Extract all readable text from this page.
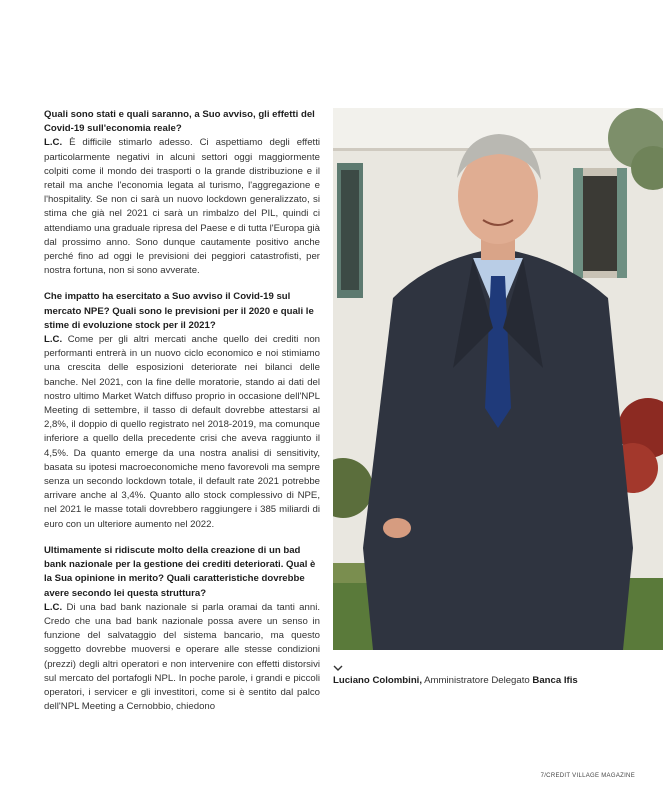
Quali sono stati e quali saranno, a Suo avviso, gli effetti del Covid-19 sull'economia reale?

L.C. È difficile stimarlo adesso. Ci aspettiamo degli effetti particolarmente negativi in alcuni settori oggi maggiormente colpiti come il mondo dei trasporti o la grande distribuzione e il retail ma anche l'economia legata al turismo, l'aggregazione e l'hospitality. Se non ci sarà un nuovo lockdown generalizzato, si stima che già nel 2021 ci sarà un rimbalzo del PIL, quindi ci attendiamo una graduale ripresa del Paese e di tutta l'Europa già dal prossimo anno. Sono dunque cautamente positivo anche perché fino ad oggi le previsioni dei peggiori catastrofisti, per nostra fortuna, non si sono avverate.

Che impatto ha esercitato a Suo avviso il Covid-19 sul mercato NPE? Quali sono le previsioni per il 2020 e quali le stime di evoluzione stock per il 2021?

L.C. Come per gli altri mercati anche quello dei crediti non performanti entrerà in un nuovo ciclo economico e noi stimiamo una crescita delle esposizioni deteriorate nei bilanci delle banche. Nel 2021, con la fine delle moratorie, stando ai dati del nostro ultimo Market Watch diffuso proprio in occasione dell'NPL Meeting di settembre, il tasso di default dovrebbe attestarsi al 2,8%, il doppio di quello registrato nel 2018-2019, ma comunque inferiore a quello della precedente crisi che aveva raggiunto il 4,5%. Da quanto emerge da una nostra analisi di sensitivity, basata su ipotesi macroeconomiche meno favorevoli ma sempre senza un secondo lockdown totale, il default rate 2021 potrebbe arrivare anche al 3,4%. Quanto allo stock complessivo di NPE, nel 2021 le masse totali dovrebbero raggiungere i 385 miliardi di euro con un ulteriore aumento nel 2022.

Ultimamente si ridiscute molto della creazione di un bad bank nazionale per la gestione dei crediti deteriorati. Qual è la Sua opinione in merito? Quali caratteristiche dovrebbe avere secondo lei questa struttura?

L.C. Di una bad bank nazionale si parla oramai da tanti anni. Credo che una bad bank nazionale possa avere un senso in funzione del salvataggio del sistema bancario, ma questo soggetto dovrebbe muoversi e operare alle stesse condizioni (prezzi) degli altri operatori e non intervenire con effetti distorsivi sul mercato del portafogli NPL. In poche parole, i grandi e piccoli operatori, i servicer e gli investitori, come si è sentito dal palco dell'NPL Meeting a Cernobbio, chiedono

Luciano Colombini, Amministratore Delegato Banca Ifis
7/CREDIT VILLAGE MAGAZINE
